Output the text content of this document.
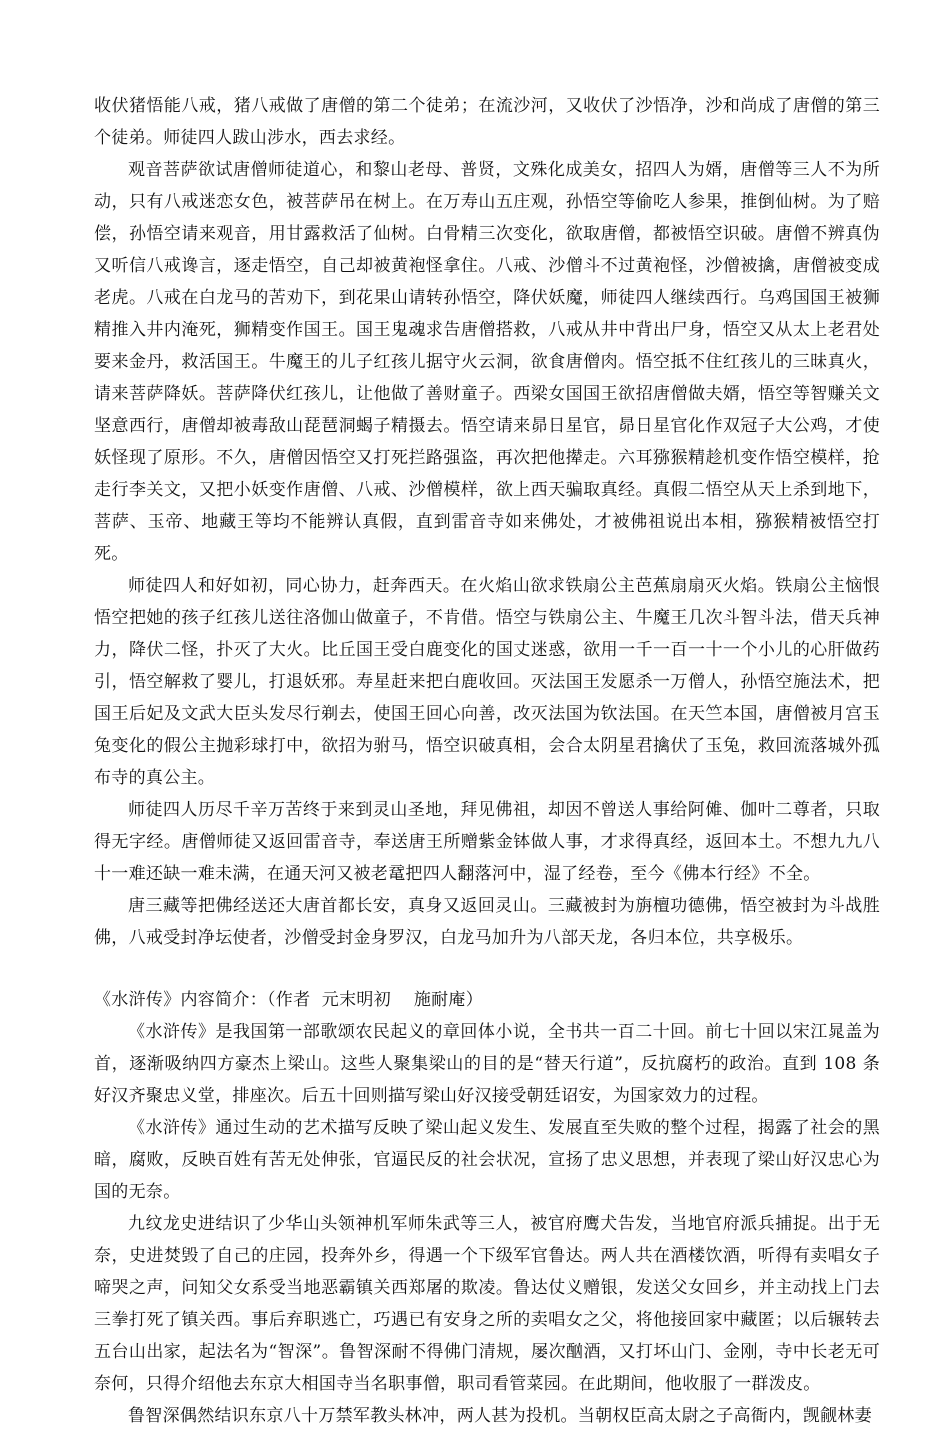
收伏猪悟能八戒，猪八戒做了唐僧的第二个徒弟；在流沙河，又收伏了沙悟净，沙和尚成了唐僧的第三个徒弟。师徒四人跋山涉水，西去求经。

观音菩萨欲试唐僧师徒道心，和黎山老母、普贤，文殊化成美女，招四人为婿，唐僧等三人不为所动，只有八戒迷恋女色，被菩萨吊在树上。在万寿山五庄观，孙悟空等偷吃人参果，推倒仙树。为了赔偿，孙悟空请来观音，用甘露救活了仙树。白骨精三次变化，欲取唐僧，都被悟空识破。唐僧不辨真伪又听信八戒谗言，逐走悟空，自己却被黄袍怪拿住。八戒、沙僧斗不过黄袍怪，沙僧被擒，唐僧被变成老虎。八戒在白龙马的苦劝下，到花果山请转孙悟空，降伏妖魔，师徒四人继续西行。乌鸡国国王被狮精推入井内淹死，狮精变作国王。国王鬼魂求告唐僧搭救，八戒从井中背出尸身，悟空又从太上老君处要来金丹，救活国王。牛魔王的儿子红孩儿据守火云洞，欲食唐僧肉。悟空抵不住红孩儿的三昧真火，请来菩萨降妖。菩萨降伏红孩儿，让他做了善财童子。西梁女国国王欲招唐僧做夫婿，悟空等智赚关文坚意西行，唐僧却被毒敌山琵琶洞蝎子精摄去。悟空请来昴日星官，昴日星官化作双冠子大公鸡，才使妖怪现了原形。不久，唐僧因悟空又打死拦路强盗，再次把他撵走。六耳猕猴精趁机变作悟空模样，抢走行李关文，又把小妖变作唐僧、八戒、沙僧模样，欲上西天骗取真经。真假二悟空从天上杀到地下，菩萨、玉帝、地藏王等均不能辨认真假，直到雷音寺如来佛处，才被佛祖说出本相，猕猴精被悟空打死。

师徒四人和好如初，同心协力，赶奔西天。在火焰山欲求铁扇公主芭蕉扇扇灭火焰。铁扇公主恼恨悟空把她的孩子红孩儿送往洛伽山做童子，不肯借。悟空与铁扇公主、牛魔王几次斗智斗法，借天兵神力，降伏二怪，扑灭了大火。比丘国王受白鹿变化的国丈迷惑，欲用一千一百一十一个小儿的心肝做药引，悟空解救了婴儿，打退妖邪。寿星赶来把白鹿收回。灭法国王发愿杀一万僧人，孙悟空施法术，把国王后妃及文武大臣头发尽行剃去，使国王回心向善，改灭法国为钦法国。在天竺本国，唐僧被月宫玉兔变化的假公主抛彩球打中，欲招为驸马，悟空识破真相，会合太阴星君擒伏了玉兔，救回流落城外孤布寺的真公主。

师徒四人历尽千辛万苦终于来到灵山圣地，拜见佛祖，却因不曾送人事给阿傩、伽叶二尊者，只取得无字经。唐僧师徒又返回雷音寺，奉送唐王所赠紫金钵做人事，才求得真经，返回本土。不想九九八十一难还缺一难未满，在通天河又被老鼋把四人翻落河中，湿了经卷，至今《佛本行经》不全。

唐三藏等把佛经送还大唐首都长安，真身又返回灵山。三藏被封为旃檀功德佛，悟空被封为斗战胜佛，八戒受封净坛使者，沙僧受封金身罗汉，白龙马加升为八部天龙，各归本位，共享极乐。

《水浒传》内容简介：（作者  元末明初    施耐庵）

《水浒传》是我国第一部歌颂农民起义的章回体小说，全书共一百二十回。前七十回以宋江晁盖为首，逐渐吸纳四方豪杰上梁山。这些人聚集梁山的目的是“替天行道”，反抗腐朽的政治。直到 108 条好汉齐聚忠义堂，排座次。后五十回则描写梁山好汉接受朝廷诏安，为国家效力的过程。

《水浒传》通过生动的艺术描写反映了梁山起义发生、发展直至失败的整个过程，揭露了社会的黑暗，腐败，反映百姓有苦无处伸张，官逼民反的社会状况，宣扬了忠义思想，并表现了梁山好汉忠心为国的无奈。

九纹龙史进结识了少华山头领神机军师朱武等三人，被官府鹰犬告发，当地官府派兵捕捉。出于无奈，史进焚毁了自己的庄园，投奔外乡，得遇一个下级军官鲁达。两人共在酒楼饮酒，听得有卖唱女子啼哭之声，问知父女系受当地恶霸镇关西郑屠的欺凌。鲁达仗义赠银，发送父女回乡，并主动找上门去三拳打死了镇关西。事后弃职逃亡，巧遇已有安身之所的卖唱女之父，将他接回家中藏匿；以后辗转去五台山出家，起法名为“智深”。鲁智深耐不得佛门清规，屡次酗酒，又打坏山门、金刚，寺中长老无可奈何，只得介绍他去东京大相国寺当名职事僧，职司看管菜园。在此期间，他收服了一群泼皮。

鲁智深偶然结识东京八十万禁军教头林冲，两人甚为投机。当朝权臣高太尉之子高衙内，觊觎林妻
